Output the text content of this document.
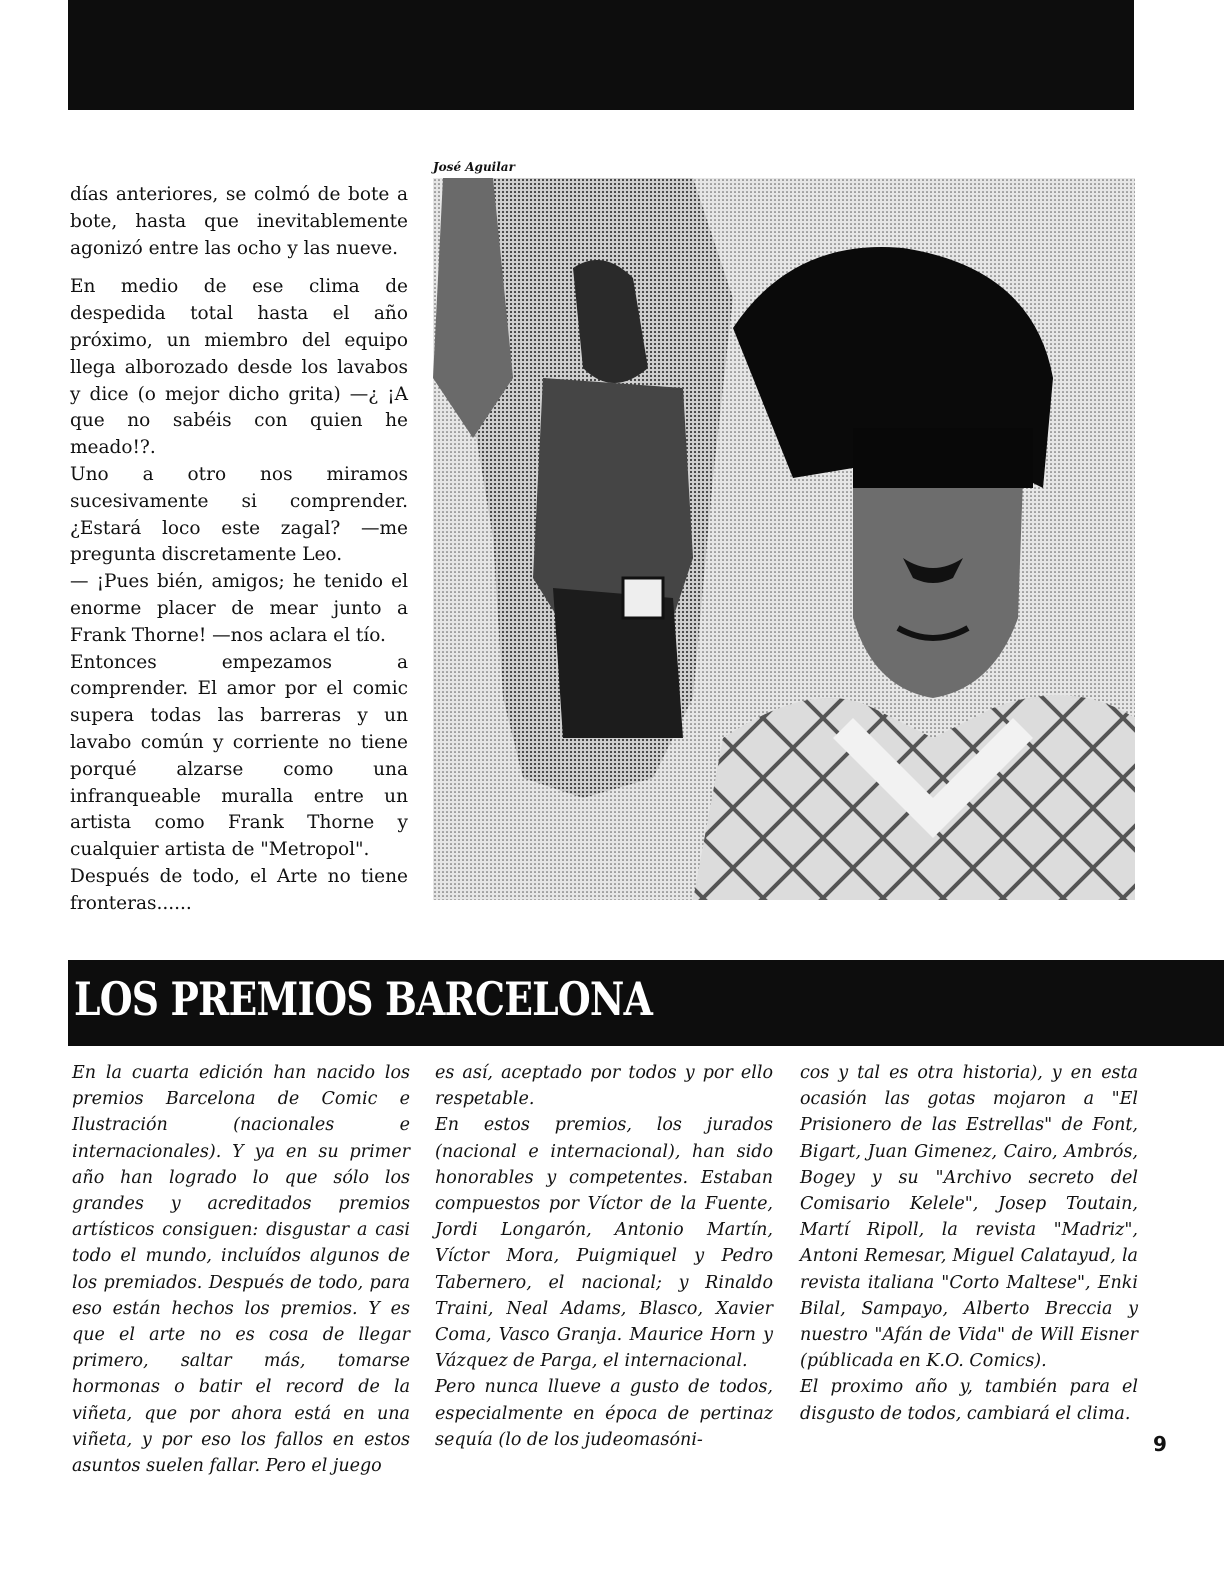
José Aguilar

días anteriores, se colmó de bote a bote, hasta que inevitablemente agonizó entre las ocho y las nueve.

En medio de ese clima de despedida total hasta el año próximo, un miembro del equipo llega alborozado desde los lavabos y dice (o mejor dicho grita) —¿ ¡A que no sabéis con quien he meado!?.

Uno a otro nos miramos sucesivamente si comprender. ¿Estará loco este zagal? —me pregunta discretamente Leo.

— ¡Pues bién, amigos; he tenido el enorme placer de mear junto a Frank Thorne! —nos aclara el tío.

Entonces empezamos a comprender. El amor por el comic supera todas las barreras y un lavabo común y corriente no tiene porqué alzarse como una infranqueable muralla entre un artista como Frank Thorne y cualquier artista de "Metropol".

Después de todo, el Arte no tiene fronteras......

LOS PREMIOS BARCELONA

En la cuarta edición han nacido los premios Barcelona de Comic e Ilustración (nacionales e internacionales). Y ya en su primer año han logrado lo que sólo los grandes y acreditados premios artísticos consiguen: disgustar a casi todo el mundo, incluídos algunos de los premiados. Después de todo, para eso están hechos los premios. Y es que el arte no es cosa de llegar primero, saltar más, tomarse hormonas o batir el record de la viñeta, que por ahora está en una viñeta, y por eso los fallos en estos asuntos suelen fallar. Pero el juego

es así, aceptado por todos y por ello respetable.

En estos premios, los jurados (nacional e internacional), han sido honorables y competentes. Estaban compuestos por Víctor de la Fuente, Jordi Longarón, Antonio Martín, Víctor Mora, Puigmiquel y Pedro Tabernero, el nacional; y Rinaldo Traini, Neal Adams, Blasco, Xavier Coma, Vasco Granja. Maurice Horn y Vázquez de Parga, el internacional.

Pero nunca llueve a gusto de todos, especialmente en época de pertinaz sequía (lo de los judeomasóni-

cos y tal es otra historia), y en esta ocasión las gotas mojaron a "El Prisionero de las Estrellas" de Font, Bigart, Juan Gimenez, Cairo, Ambrós, Bogey y su "Archivo secreto del Comisario Kelele", Josep Toutain, Martí Ripoll, la revista "Madriz", Antoni Remesar, Miguel Calatayud, la revista italiana "Corto Maltese", Enki Bilal, Sampayo, Alberto Breccia y nuestro "Afán de Vida" de Will Eisner (públicada en K.O. Comics).

El proximo año y, también para el disgusto de todos, cambiará el clima.

9
